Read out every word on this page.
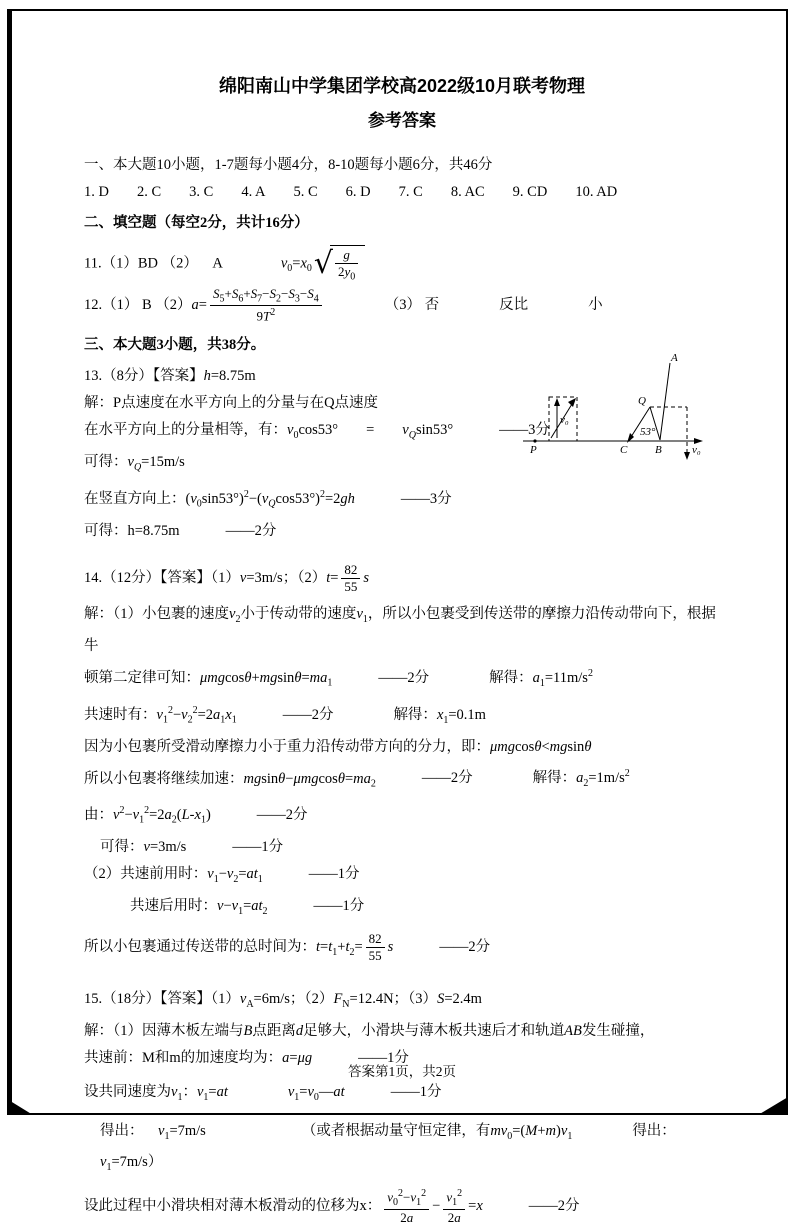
绵阳南山中学集团学校高2022级10月联考物理
参考答案
一、本大题10小题，1-7题每小题4分，8-10题每小题6分，共46分
1. D 2. C 3. C 4. A 5. C 6. D 7. C 8. AC 9. CD 10. AD
二、填空题（每空2分，共计16分）
11.（1）BD （2） A    $v_0=x_0$ √ $\frac{g}{2y_0}$
12.（1） B $(2)a= \frac{S_5+S_6+S_7-S_2-S_3-S_4}{9T^2}$	（3） 否	反比	小
三、本大题3小题，共38分。
13.（8分）【答案】h=8.75m
解：P点速度在水平方向上的分量与在Q点速度
在水平方向上的分量相等，有：$v_0\cos 53^\circ = v_Q\sin 53^\circ$	——3分
可得：$v_Q=15m/s$
在竖直方向上：$(v_0\sin 53^\circ)^2-(v_Q\cos 53^\circ)^2=2gh$	——3分
可得：h=8.75m	——2分
A
Q
B
C
P
v₀
v₀
53°
14.（12分）【答案】（1）v=3m/s；$(2)t= \frac{82}{55}$ s
解：（1）小包裹的速度$v_2$小于传动带的速度$v_1$，所以小包裹受到传送带的摩擦力沿传动带向下，根据牛
顿第二定律可知：$\mu mgcos\theta+mgsin\theta=ma_1$	——2分	解得：$a_1=11m/s^2$
共速时有：$v_1^2-v_2^2=2a_1x_1$	——2分	解得：$x_1=0.1m$
因为小包裹所受滑动摩擦力小于重力沿传动带方向的分力，即：μmgcosθ<mgsinθ
所以小包裹将继续加速：$mgsin\theta-\mu mgcos\theta=ma_2$	——2分	解得：$a_2=1m/s^2$
由：$v^2-v_1^2=2a_2(L-x_1)$	——2分
可得：v=3m/s	——1分
（2）共速前用时：$v_1-v_2=at_1$	——1分
共速后用时：$v-v_1=at_2$	——1分
所以小包裹通过传送带的总时间为：$t=t_1+t_2= \frac{82}{55}$ s	——2分
15.（18分）【答案】$(1)v_A=6m/s$；$(2)F_N=12.4N$；（3）S=2.4m
解：（1）因薄木板左端与B点距离d足够大，小滑块与薄木板共速后才和轨道AB发生碰撞，
共速前：M和m的加速度均为：a=μg	——1分
设共同速度为$v_1$：$v_1=at$	$v_1=v_0—at$	——1分
得出： $v_1=7m/s$	（或者根据动量守恒定律，有$mv_0=(M+m)v_1$	得出：$v_1=7m/s$）
设此过程中小滑块相对薄木板滑动的位移为x： $\frac{v_0^2-v_1^2}{2a} - \frac{v_1^2}{2a} =x$	——2分
答案第1页，共2页
